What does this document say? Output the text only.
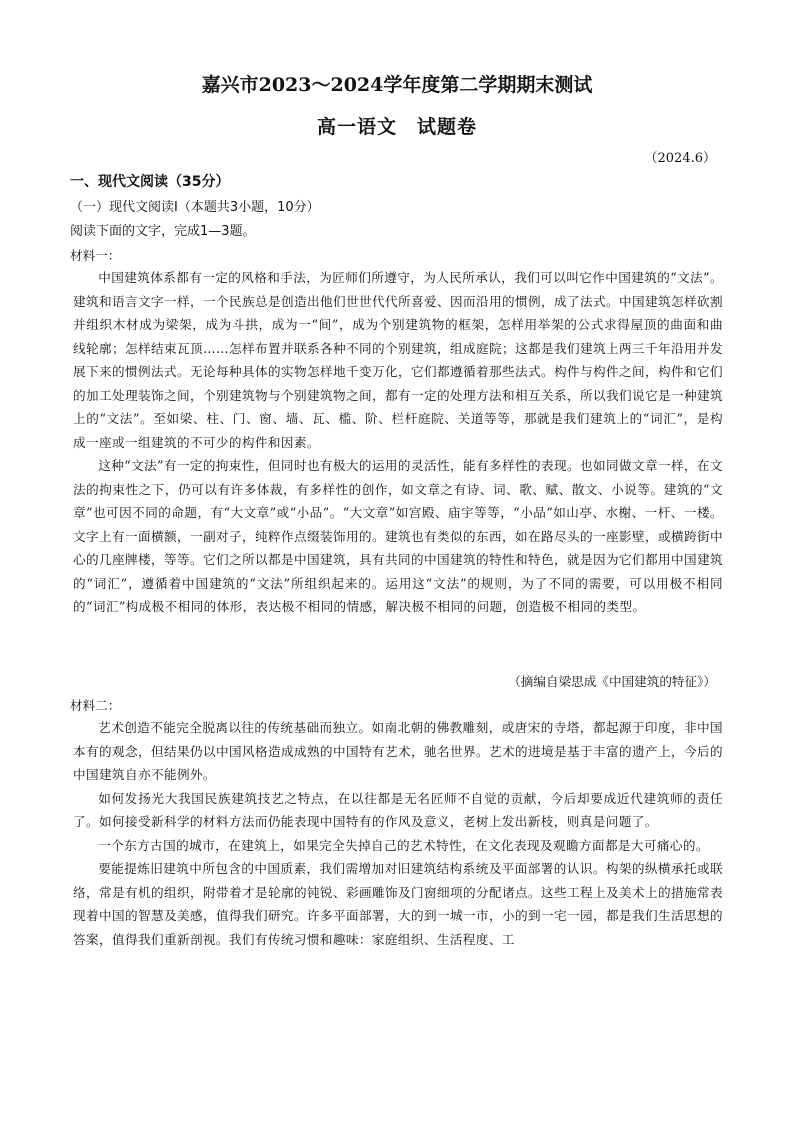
嘉兴市2023～2024学年度第二学期期末测试
高一语文　试题卷
（2024.6）
一、现代文阅读（35分）
（一）现代文阅读Ⅰ（本题共3小题，10分）
阅读下面的文字，完成1—3题。
材料一：

中国建筑体系都有一定的风格和手法，为匠师们所遵守，为人民所承认，我们可以叫它作中国建筑的“文法”。建筑和语言文字一样，一个民族总是创造出他们世世代代所喜爱、因而沿用的惯例，成了法式。中国建筑怎样砍割并组织木材成为梁架，成为斗拱，成为一“间”，成为个别建筑物的框架，怎样用举架的公式求得屋顶的曲面和曲线轮廓；怎样结束瓦顶……怎样布置并联系各种不同的个别建筑，组成庭院；这都是我们建筑上两三千年沿用并发展下来的惯例法式。无论每种具体的实物怎样地千变万化，它们都遵循着那些法式。构件与构件之间，构件和它们的加工处理装饰之间，个别建筑物与个别建筑物之间，都有一定的处理方法和相互关系，所以我们说它是一种建筑上的“文法”。至如梁、柱、门、窗、墙、瓦、槛、阶、栏杆庭院、关道等等，那就是我们建筑上的“词汇”，是构成一座或一组建筑的不可少的构件和因素。

这种“文法”有一定的拘束性，但同时也有极大的运用的灵活性，能有多样性的表现。也如同做文章一样，在文法的拘束性之下，仍可以有许多体裁，有多样性的创作，如文章之有诗、词、歌、赋、散文、小说等。建筑的“文章”也可因不同的命题，有“大文章”或“小品”。“大文章”如宫殿、庙宇等等，“小品”如山亭、水榭、一杆、一楼。文字上有一面横额，一副对子，纯粹作点缀装饰用的。建筑也有类似的东西，如在路尽头的一座影壁，或横跨街中心的几座牌楼，等等。它们之所以都是中国建筑，具有共同的中国建筑的特性和特色，就是因为它们都用中国建筑的“词汇”，遵循着中国建筑的“文法”所组织起来的。运用这“文法”的规则，为了不同的需要，可以用极不相同的“词汇”构成极不相同的体形，表达极不相同的情感，解决极不相同的问题，创造极不相同的类型。

（摘编自梁思成《中国建筑的特征》）
材料二：

艺术创造不能完全脱离以往的传统基础而独立。如南北朝的佛教雕刻，或唐宋的寺塔，都起源于印度，非中国本有的观念，但结果仍以中国风格造成成熟的中国特有艺术，驰名世界。艺术的进境是基于丰富的遗产上，今后的中国建筑自亦不能例外。

如何发扬光大我国民族建筑技艺之特点，在以往都是无名匠师不自觉的贡献，今后却要成近代建筑师的责任了。如何接受新科学的材料方法而仍能表现中国特有的作风及意义，老树上发出新枝，则真是问题了。

一个东方古国的城市，在建筑上，如果完全失掉自己的艺术特性，在文化表现及观瞻方面都是大可痛心的。

要能提炼旧建筑中所包含的中国质素，我们需增加对旧建筑结构系统及平面部署的认识。构架的纵横承托或联络，常是有机的组织，附带着才是轮廓的钝锐、彩画雕饰及门窗细项的分配诸点。这些工程上及美术上的措施常表现着中国的智慧及美感，值得我们研究。许多平面部署，大的到一城一市，小的到一宅一园，都是我们生活思想的答案，值得我们重新剖视。我们有传统习惯和趣味：家庭组织、生活程度、工
